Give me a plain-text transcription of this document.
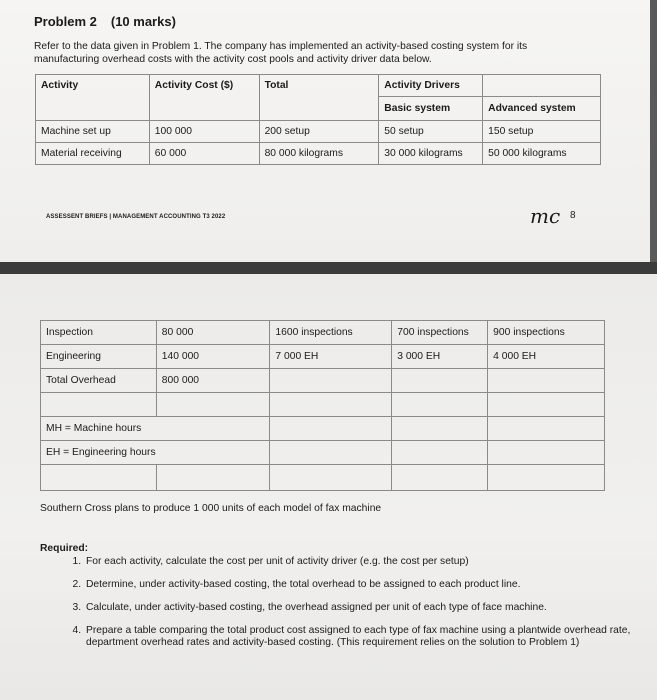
Problem 2 (10 marks)
Refer to the data given in Problem 1. The company has implemented an activity-based costing system for its manufacturing overhead costs with the activity cost pools and activity driver data below.
Activity	Activity Cost ($)	Total	Activity Drivers	
			Basic system	Advanced system
Machine set up	100 000	200 setup	50 setup	150 setup
Material receiving	60 000	80 000 kilograms	30 000 kilograms	50 000 kilograms
ASSESSENT BRIEFS | MANAGEMENT ACCOUNTING T3 2022	mc 8
Inspection	80 000	1600 inspections	700 inspections	900 inspections
Engineering	140 000	7 000 EH	3 000 EH	4 000 EH
Total Overhead	800 000			

MH = Machine hours				
EH = Engineering hours				

Southern Cross plans to produce 1 000 units of each model of fax machine
Required:
1. For each activity, calculate the cost per unit of activity driver (e.g. the cost per setup)
2. Determine, under activity-based costing, the total overhead to be assigned to each product line.
3. Calculate, under activity-based costing, the overhead assigned per unit of each type of face machine.
4. Prepare a table comparing the total product cost assigned to each type of fax machine using a plantwide overhead rate, department overhead rates and activity-based costing. (This requirement relies on the solution to Problem 1)
